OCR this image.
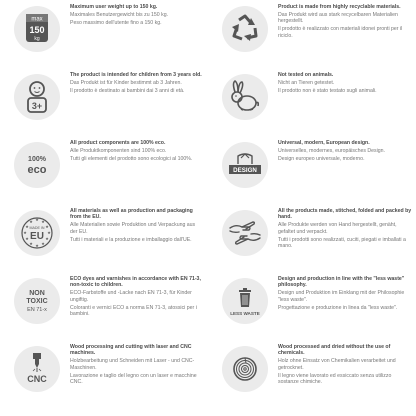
max
150
kg
Maximum user weight up to 150 kg.
Maximales Benutzergewicht bis zu 150 kg.
Peso massimo dell'utente fino a 150 kg.
Product is made from highly recyclable materials.
Das Produkt wird aus stark recycelbaren Materialien hergestellt.
Il prodotto è realizzato con materiali idonei pronti per il riciclo.
3+
The product is intended for children from 3 years old.
Das Produkt ist für Kinder bestimmt ab 3 Jahren.
Il prodotto è destinato ai bambini dai 3 anni di età.
Not tested on animals.
Nicht an Tieren getestet.
Il prodotto non è stato testato sugli animali.
100%
eco
All product components are 100% eco.
Alle Produktkomponenten sind 100% eco.
Tutti gli elementi del prodotto sono ecologici al 100%.
DESIGN
Universal, modern, European design.
Universelles, modernes, europäisches Design.
Design europeo universale, moderno.
★ ★
★
★
★
★
★
★
★
★
★
★
MADE IN
EU
All materials as well as production and packaging from the EU.
Alle Materialien sowie Produktion und Verpackung aus der EU.
Tutti i materiali e la produzione e imballaggio dall'UE.
All the products made, stitched, folded and packed by hand.
Alle Produkte werden von Hand hergestellt, genäht, gefaltet und verpackt.
Tutti i prodotti sono realizzati, cuciti, piegati e imballati a mano.
NON
TOXIC
EN 71-x
ECO dyes and varnishes in accordance with EN 71-3, non-toxic to children.
ECO-Farbstoffe und -Lacke nach EN 71-3, für Kinder ungiftig.
Coloranti e vernici ECO a norma EN 71-3, atossici per i bambini.	LESS WASTE
Design and production in line with the "less waste" philosophy.
Design und Produktion im Einklang mit der Philosophie "less waste".
Progettazione e produzione in linea da "less waste".
CNC
Wood processing and cutting with laser and CNC machines.
Holzbearbeitung und Schneiden mit Laser - und CNC-Maschinen.
Lavorazione e taglio del legno con un laser e macchine CNC.
Wood processed and dried without the use of chemicals.
Holz ohne Einsatz von Chemikalien verarbeitet und getrocknet.
Il legno viene lavorato ed essiccato senza utilizzo sostanze chimiche.
